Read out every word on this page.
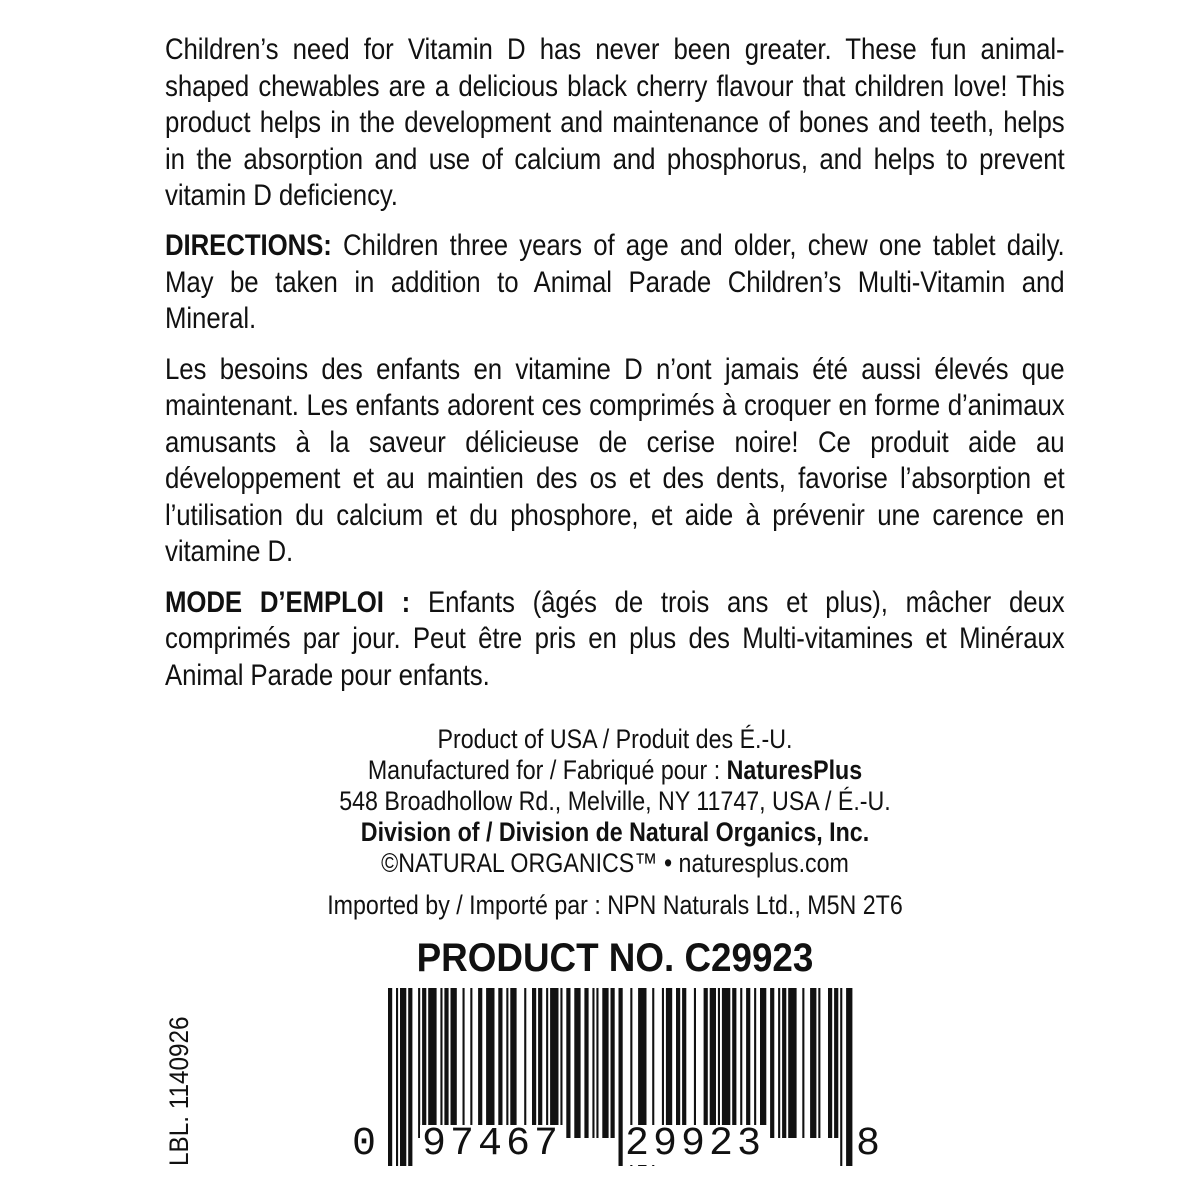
Children’s need for Vitamin D has never been greater. These fun animal-shaped chewables are a delicious black cherry flavour that children love! This product helps in the development and maintenance of bones and teeth, helps in the absorption and use of calcium and phosphorus, and helps to prevent vitamin D deficiency.

DIRECTIONS: Children three years of age and older, chew one tablet daily. May be taken in addition to Animal Parade Children’s Multi-Vitamin and Mineral.

Les besoins des enfants en vitamine D n’ont jamais été aussi élevés que maintenant. Les enfants adorent ces comprimés à croquer en forme d’animaux amusants à la saveur délicieuse de cerise noire! Ce produit aide au développement et au maintien des os et des dents, favorise l’absorption et l’utilisation du calcium et du phosphore, et aide à prévenir une carence en vitamine D.

MODE D’EMPLOI : Enfants (âgés de trois ans et plus), mâcher deux comprimés par jour. Peut être pris en plus des Multi-vitamines et Minéraux Animal Parade pour enfants.

Product of USA / Produit des É.-U.
Manufactured for / Fabriqué pour : NaturesPlus
548 Broadhollow Rd., Melville, NY 11747, USA / É.-U.
Division of / Division de Natural Organics, Inc.
©NATURAL ORGANICS™ • naturesplus.com
Imported by / Importé par : NPN Naturals Ltd., M5N 2T6
PRODUCT NO. C29923
0 97467 29923 8
LBL. 1140926
